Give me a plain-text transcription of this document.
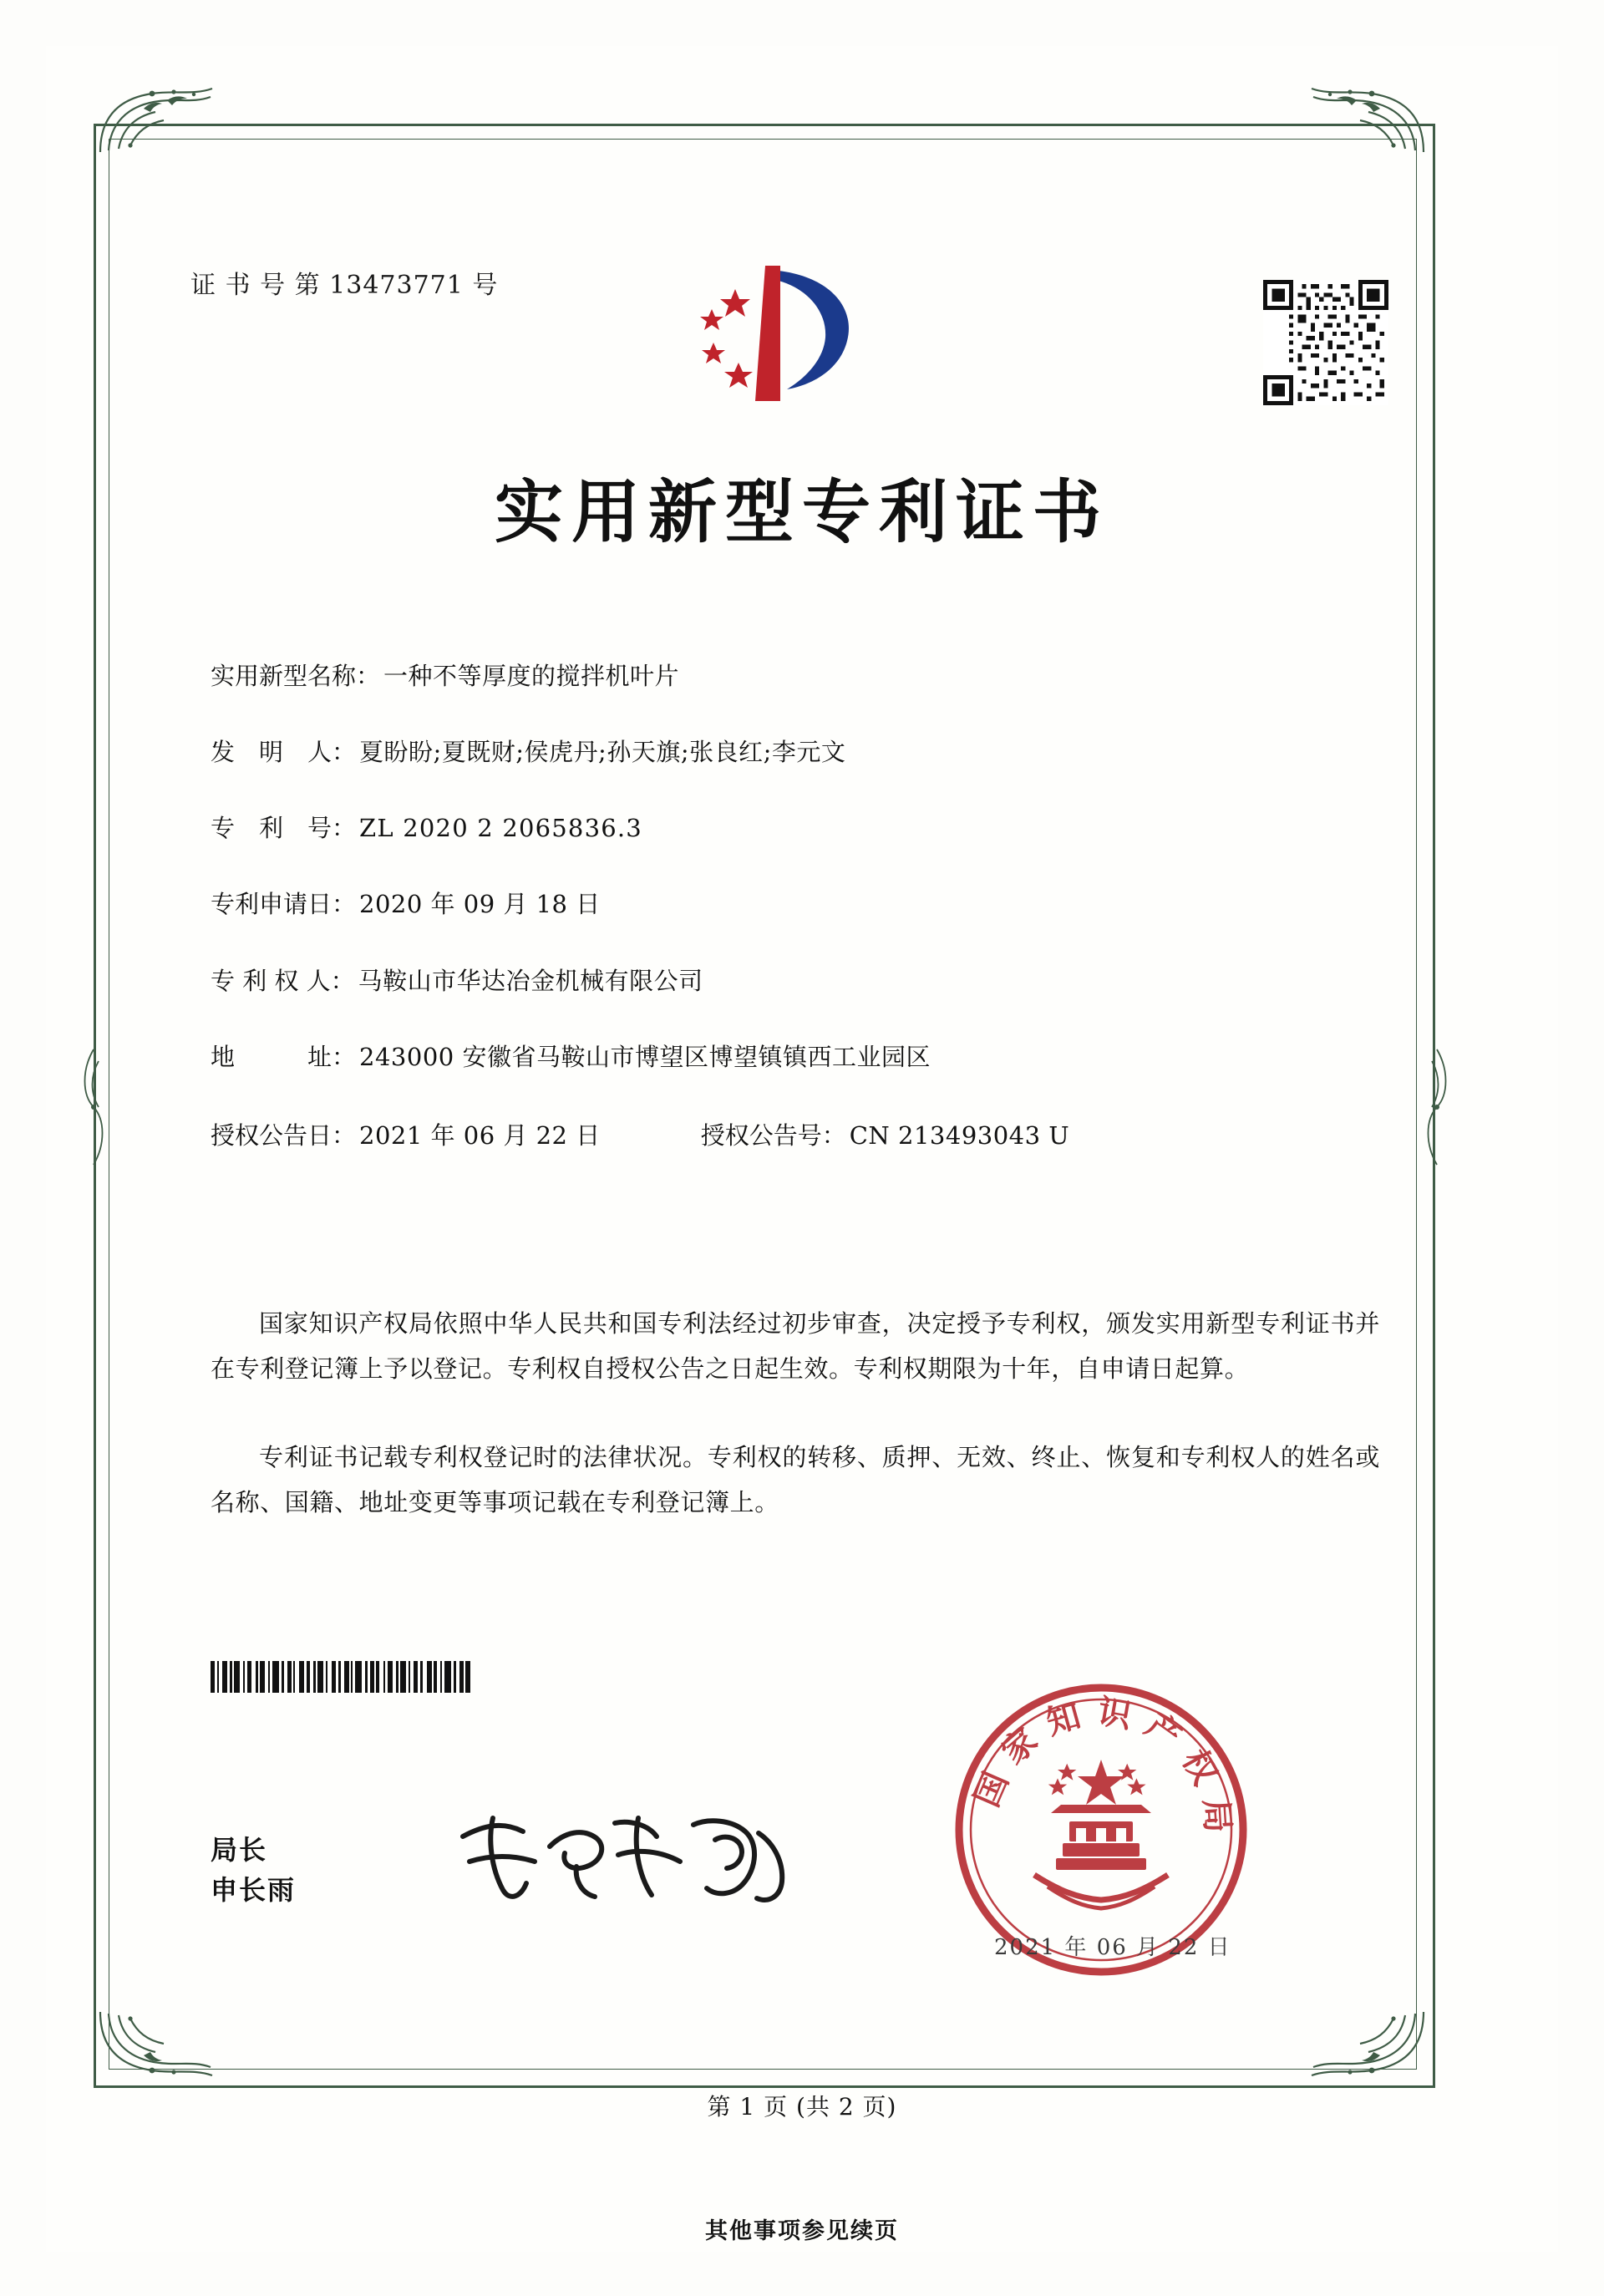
证 书 号 第 13473771 号
实用新型专利证书
实用新型名称： 一种不等厚度的搅拌机叶片
发　明　人： 夏盼盼;夏既财;侯虎丹;孙天旗;张良红;李元文
专　利　号： ZL 2020 2 2065836.3
专利申请日： 2020 年 09 月 18 日
专 利 权 人： 马鞍山市华达冶金机械有限公司
地　　　址： 243000 安徽省马鞍山市博望区博望镇镇西工业园区
授权公告日： 2021 年 06 月 22 日	授权公告号： CN 213493043 U
国家知识产权局依照中华人民共和国专利法经过初步审查，决定授予专利权，颁发实用新型专利证书并在专利登记簿上予以登记。专利权自授权公告之日起生效。专利权期限为十年，自申请日起算。
专利证书记载专利权登记时的法律状况。专利权的转移、质押、无效、终止、恢复和专利权人的姓名或名称、国籍、地址变更等事项记载在专利登记簿上。
局长
申长雨
国家知识产权局
2021 年 06 月 22 日
第 1 页 (共 2 页)
其他事项参见续页
